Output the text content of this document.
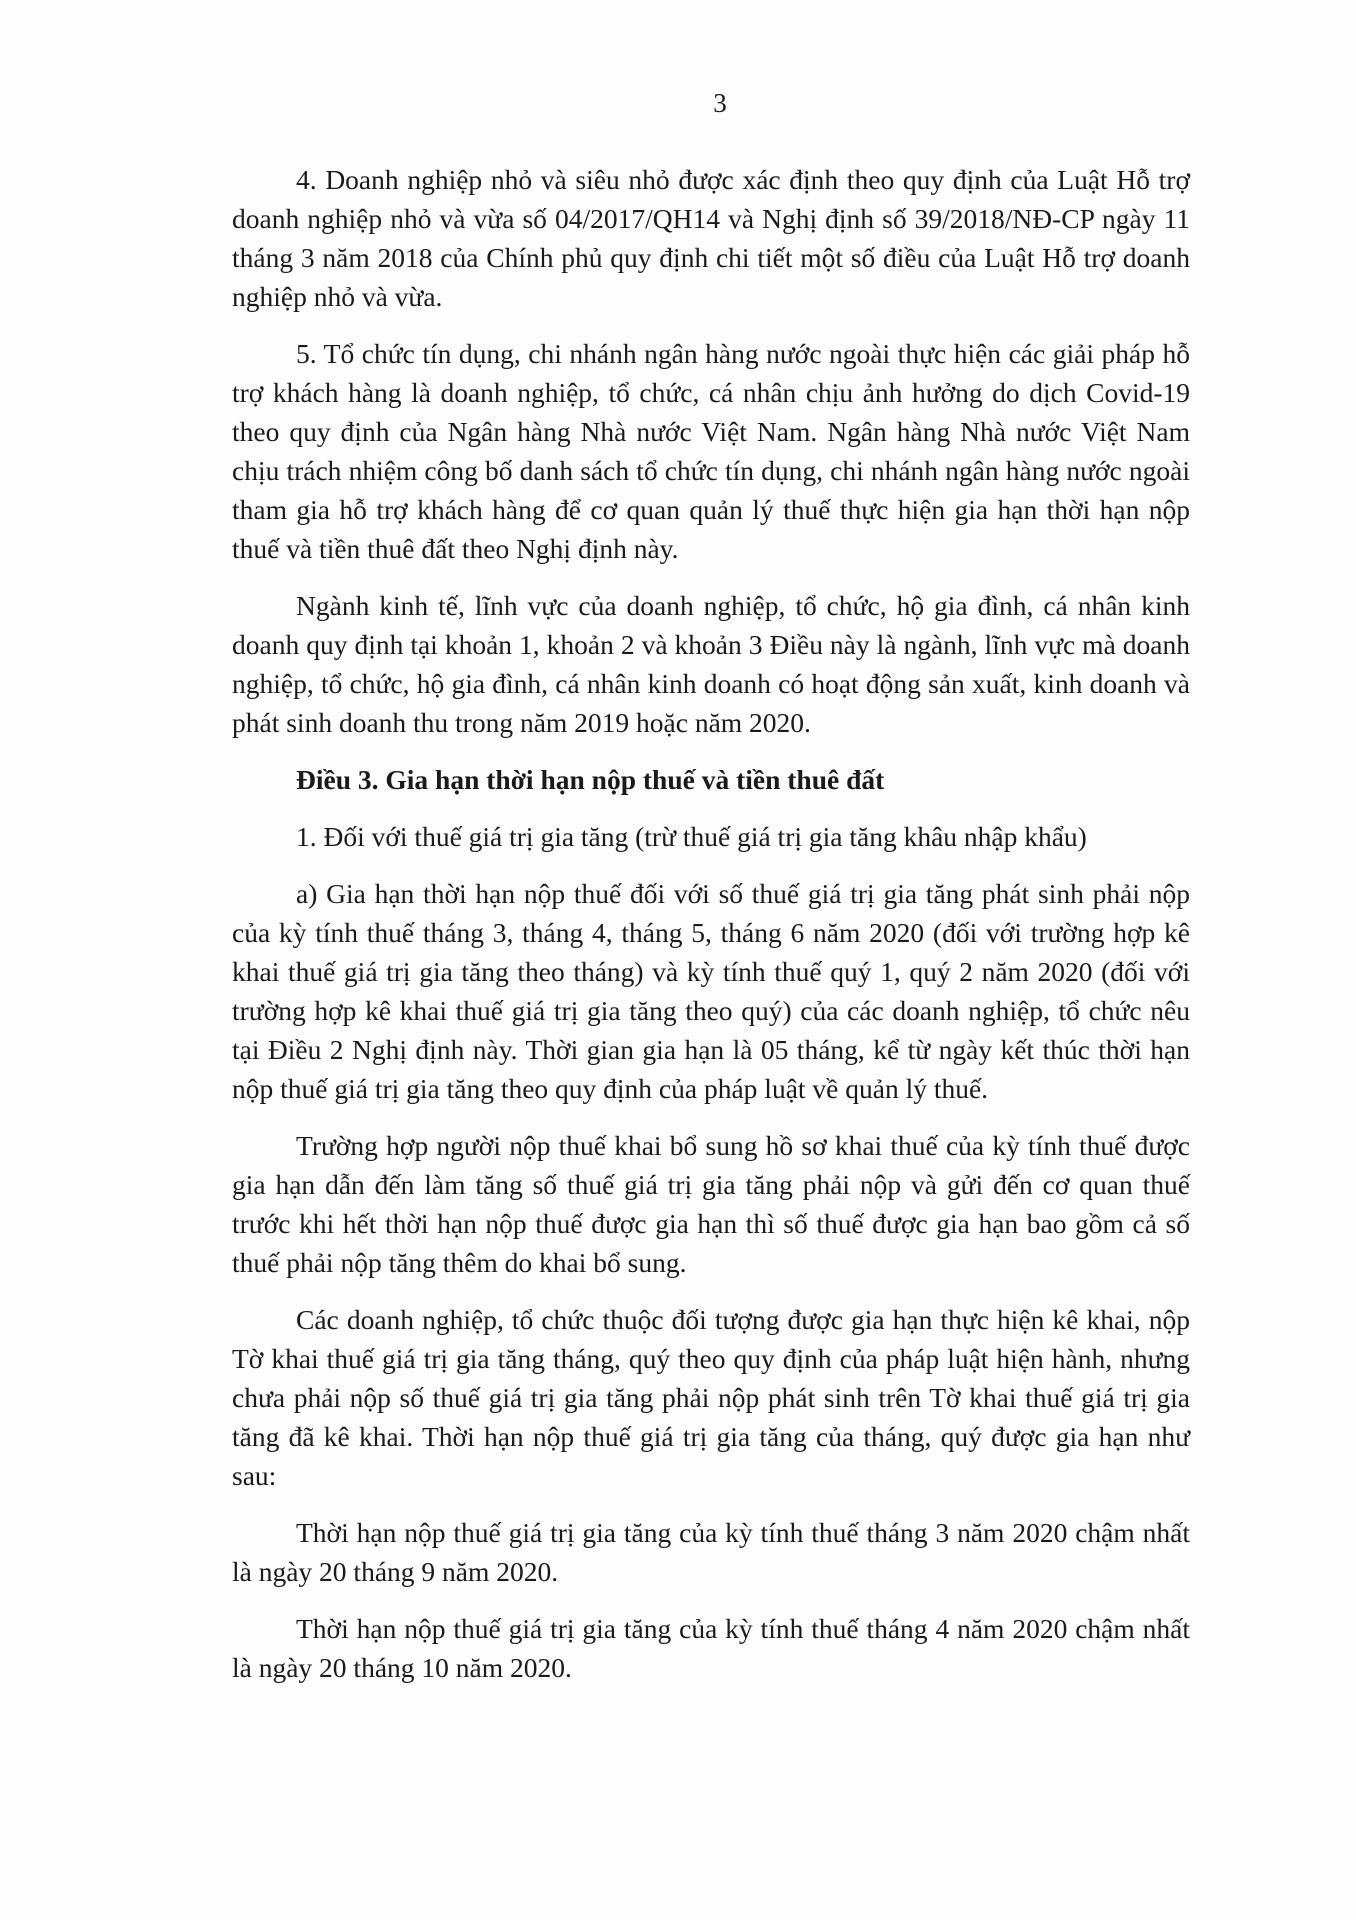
3

4. Doanh nghiệp nhỏ và siêu nhỏ được xác định theo quy định của Luật Hỗ trợ doanh nghiệp nhỏ và vừa số 04/2017/QH14 và Nghị định số 39/2018/NĐ-CP ngày 11 tháng 3 năm 2018 của Chính phủ quy định chi tiết một số điều của Luật Hỗ trợ doanh nghiệp nhỏ và vừa.

5. Tổ chức tín dụng, chi nhánh ngân hàng nước ngoài thực hiện các giải pháp hỗ trợ khách hàng là doanh nghiệp, tổ chức, cá nhân chịu ảnh hưởng do dịch Covid-19 theo quy định của Ngân hàng Nhà nước Việt Nam. Ngân hàng Nhà nước Việt Nam chịu trách nhiệm công bố danh sách tổ chức tín dụng, chi nhánh ngân hàng nước ngoài tham gia hỗ trợ khách hàng để cơ quan quản lý thuế thực hiện gia hạn thời hạn nộp thuế và tiền thuê đất theo Nghị định này.

Ngành kinh tế, lĩnh vực của doanh nghiệp, tổ chức, hộ gia đình, cá nhân kinh doanh quy định tại khoản 1, khoản 2 và khoản 3 Điều này là ngành, lĩnh vực mà doanh nghiệp, tổ chức, hộ gia đình, cá nhân kinh doanh có hoạt động sản xuất, kinh doanh và phát sinh doanh thu trong năm 2019 hoặc năm 2020.

Điều 3. Gia hạn thời hạn nộp thuế và tiền thuê đất

1. Đối với thuế giá trị gia tăng (trừ thuế giá trị gia tăng khâu nhập khẩu)

a) Gia hạn thời hạn nộp thuế đối với số thuế giá trị gia tăng phát sinh phải nộp của kỳ tính thuế tháng 3, tháng 4, tháng 5, tháng 6 năm 2020 (đối với trường hợp kê khai thuế giá trị gia tăng theo tháng) và kỳ tính thuế quý 1, quý 2 năm 2020 (đối với trường hợp kê khai thuế giá trị gia tăng theo quý) của các doanh nghiệp, tổ chức nêu tại Điều 2 Nghị định này. Thời gian gia hạn là 05 tháng, kể từ ngày kết thúc thời hạn nộp thuế giá trị gia tăng theo quy định của pháp luật về quản lý thuế.

Trường hợp người nộp thuế khai bổ sung hồ sơ khai thuế của kỳ tính thuế được gia hạn dẫn đến làm tăng số thuế giá trị gia tăng phải nộp và gửi đến cơ quan thuế trước khi hết thời hạn nộp thuế được gia hạn thì số thuế được gia hạn bao gồm cả số thuế phải nộp tăng thêm do khai bổ sung.

Các doanh nghiệp, tổ chức thuộc đối tượng được gia hạn thực hiện kê khai, nộp Tờ khai thuế giá trị gia tăng tháng, quý theo quy định của pháp luật hiện hành, nhưng chưa phải nộp số thuế giá trị gia tăng phải nộp phát sinh trên Tờ khai thuế giá trị gia tăng đã kê khai. Thời hạn nộp thuế giá trị gia tăng của tháng, quý được gia hạn như sau:

Thời hạn nộp thuế giá trị gia tăng của kỳ tính thuế tháng 3 năm 2020 chậm nhất là ngày 20 tháng 9 năm 2020.

Thời hạn nộp thuế giá trị gia tăng của kỳ tính thuế tháng 4 năm 2020 chậm nhất là ngày 20 tháng 10 năm 2020.
